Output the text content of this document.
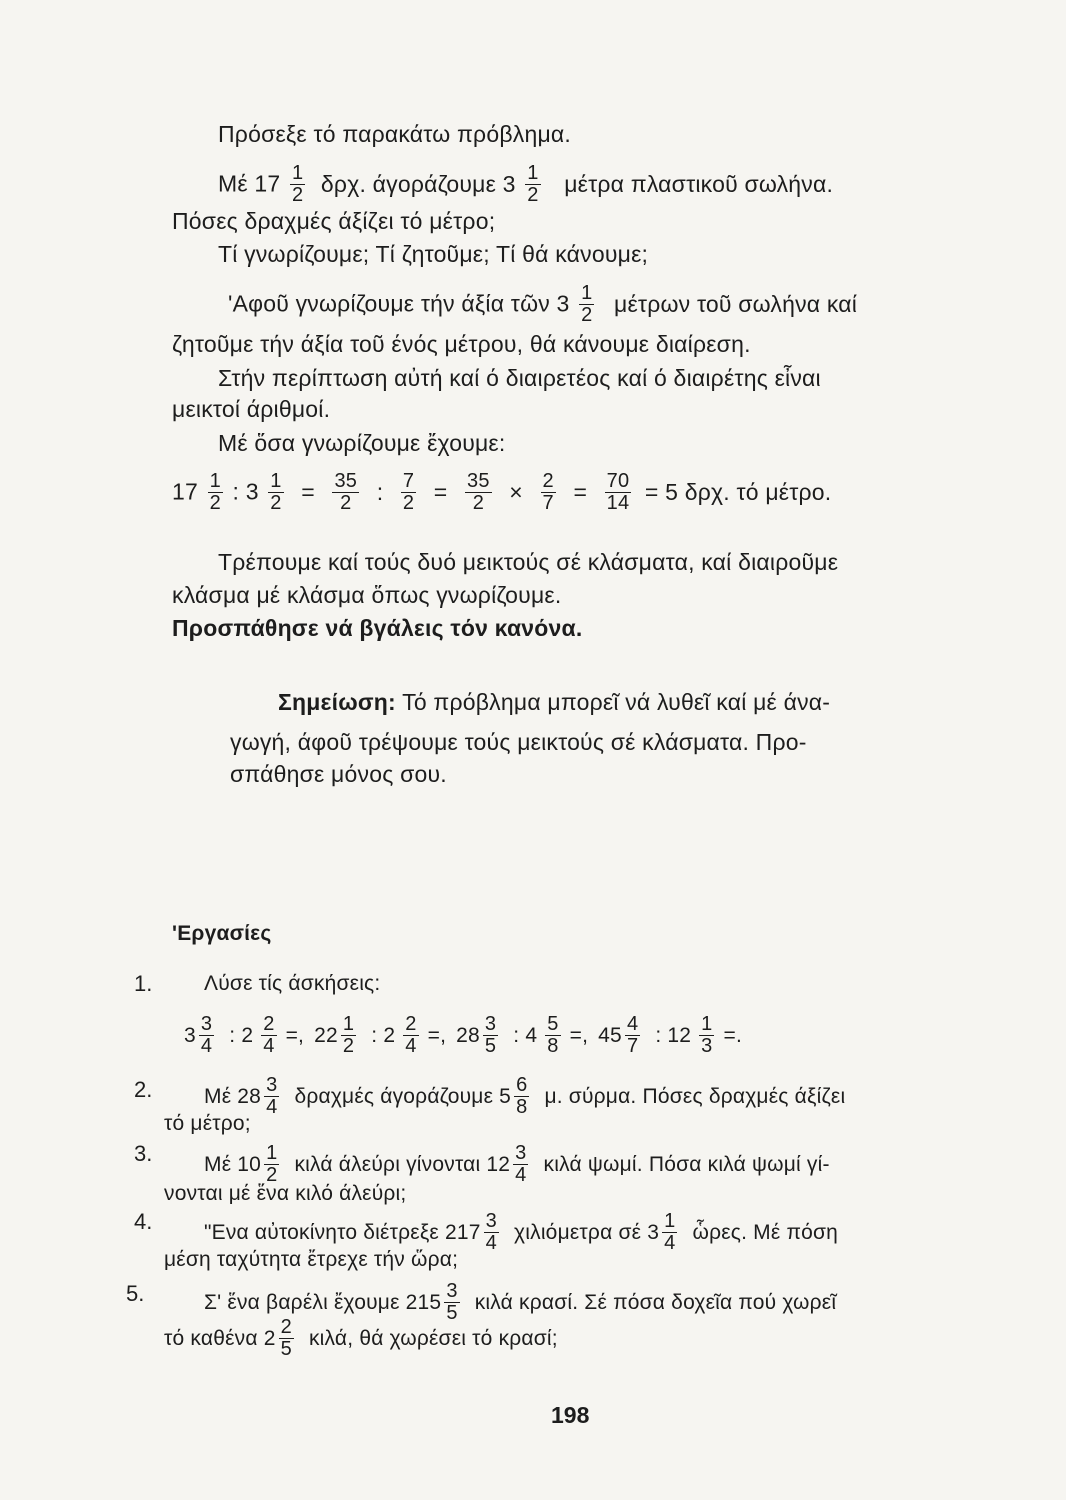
Πρόσεξε τό παρακάτω πρόβλημα.
Μέ $17 \frac{1}{2} \delta\rho\chi$. άγοράζουμε $3 \frac{1}{2}$ μέτρα πλαστικοῦ σωλήνα.
Πόσες δραχμές άξίζει τό μέτρο;
Τί γνωρίζουμε; Τί ζητοῦμε; Τί θά κάνουμε;
'Αφοῦ γνωρίζουμε τήν άξία τῶν $3 \frac{1}{2}$ μέτρων τοῦ σωλήνα καί
ζητοῦμε τήν άξία τοῦ ένός μέτρου, θά κάνουμε διαίρεση.
Στήν περίπτωση αὐτή καί ό διαιρετέος καί ό διαιρέτης εἶναι
μεικτοί άριθμοί.
Μέ ὅσα γνωρίζουμε ἔχουμε:
$17 \frac{1}{2}$ : $3 \frac{1}{2} = \frac{35}{2}$ : $\frac{7}{2} = \frac{35}{2} \times \frac{2}{7} = \frac{70}{14} = 5$ δρχ. τό μέτρο.
Τρέπουμε καί τούς δυό μεικτούς σέ κλάσματα, καί διαιροῦμε
κλάσμα μέ κλάσμα ὅπως γνωρίζουμε.
Προσπάθησε νά βγάλεις τόν κανόνα.
Σημείωση: Τό πρόβλημα μπορεῖ νά λυθεῖ καί μέ άνα-
γωγή, άφοῦ τρέψουμε τούς μεικτούς σέ κλάσματα. Προ-
σπάθησε μόνος σου.
'Εργασίες
1. Λύσε τίς άσκήσεις:
$3 \frac{3}{4}$ : $2 \frac{2}{4}$ =, $22 \frac{1}{2}$ : $2 \frac{2}{4}$ =, $28 \frac{3}{5}$ : $4 \frac{5}{8}$ =, $45 \frac{4}{7}$ : $12 \frac{1}{3}$ =.
2. Μέ $28 \frac{3}{4}$ δραχμές άγοράζουμε $5 \frac{6}{8} \mu$. σύρμα. Πόσες δραχμές άξίζει
τό μέτρο;
3. Μέ $10 \frac{1}{2}$ κιλά άλεύρι γίνονται $12 \frac{3}{4}$ κιλά ψωμί. Πόσα κιλά ψωμί γί-
νονται μέ ἕνα κιλό άλεύρι;
4. "Ενα αὐτοκίνητο διέτρεξε $217 \frac{3}{4}$ χιλιόμετρα σέ $3 \frac{1}{4}$ ὧρες. Μέ πόση
μέση ταχύτητα ἔτρεχε τήν ὥρα;
5.	Σ' ἕνα βαρέλι ἔχουμε $215 \frac{3}{5}$ κιλά κρασί. Σέ πόσα δοχεῖα πού χωρεῖ
τό καθένα $2 \frac{2}{5} \kappa\iota\lambda ά$, θά χωρέσει τό κρασί;
198
